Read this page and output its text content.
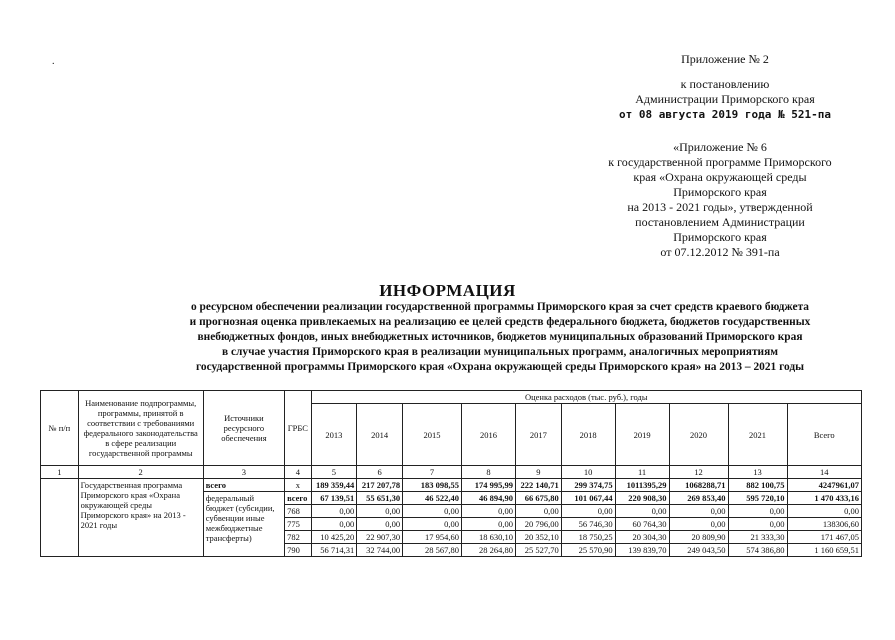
.	Приложение № 2
к постановлению
Администрации Приморского края
от 08 августа 2019 года № 521-па
«Приложение № 6
к государственной программе Приморского
края «Охрана окружающей среды
Приморского края
на 2013 - 2021 годы», утвержденной
постановлением Администрации
Приморского края
от 07.12.2012 № 391-па
ИНФОРМАЦИЯ
о ресурсном обеспечении реализации государственной программы Приморского края за счет средств краевого бюджета
и прогнозная оценка привлекаемых на реализацию ее целей средств федерального бюджета, бюджетов государственных
внебюджетных фондов, иных внебюджетных источников, бюджетов муниципальных образований Приморского края
в случае участия Приморского края в реализации муниципальных программ, аналогичных мероприятиям
государственной программы Приморского края «Охрана окружающей среды Приморского края» на 2013 – 2021 годы
№ п/п	Наименование подпрограммы, программы, принятой в соответствии с требованиями федерального законодательства в сфере реализации государственной программы	Источники ресурсного обеспечения	ГРБС	Оценка расходов (тыс. руб.), годы									
				2013	2014	2015	2016	2017	2018	2019	2020	2021	Всего
1	2	3	4	5	6	7	8	9	10	11	12	13	14
	Государственная программа Приморского края «Охрана окружающей среды Приморского края» на 2013 - 2021 годы	всего	x	189 359,44	217 207,78	183 098,55	174 995,99	222 140,71	299 374,75	1011395,29	1068288,71	882 100,75	4247961,07
		федеральный бюджет (субсидии, субвенции иные межбюджетные трансферты)	всего	67 139,51	55 651,30	46 522,40	46 894,90	66 675,80	101 067,44	220 908,30	269 853,40	595 720,10	1 470 433,16
			768	0,00	0,00	0,00	0,00	0,00	0,00	0,00	0,00	0,00	0,00
			775	0,00	0,00	0,00	0,00	20 796,00	56 746,30	60 764,30	0,00	0,00	138306,60
			782	10 425,20	22 907,30	17 954,60	18 630,10	20 352,10	18 750,25	20 304,30	20 809,90	21 333,30	171 467,05
			790	56 714,31	32 744,00	28 567,80	28 264,80	25 527,70	25 570,90	139 839,70	249 043,50	574 386,80	1 160 659,51
